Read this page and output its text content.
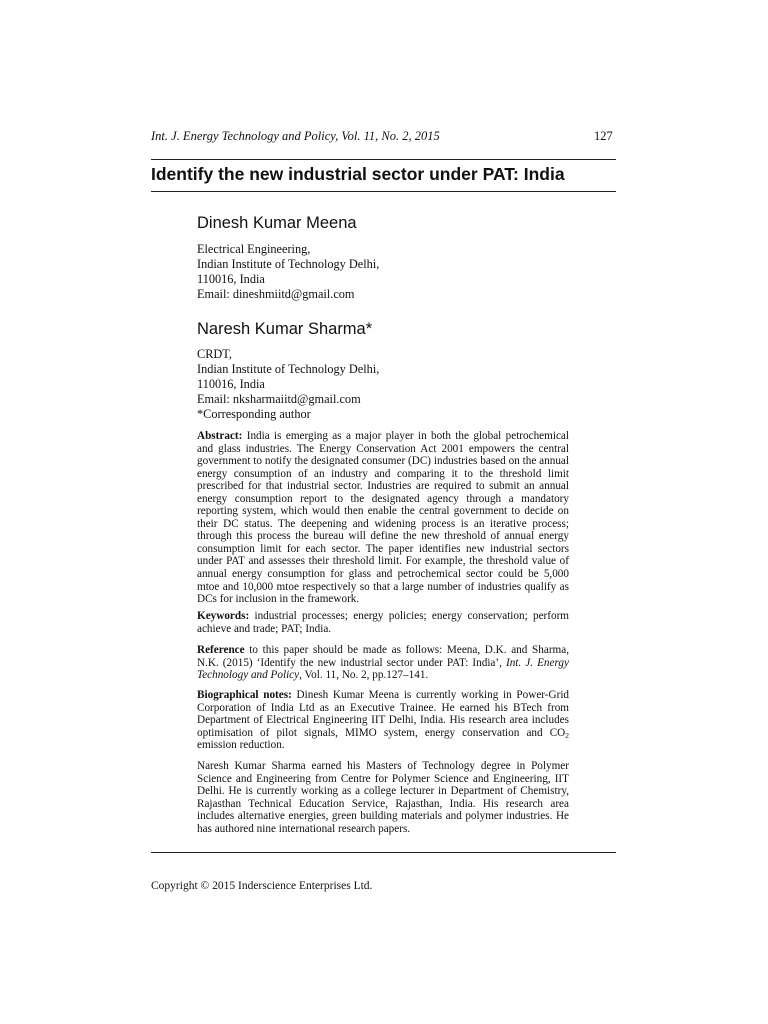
Int. J. Energy Technology and Policy, Vol. 11, No. 2, 2015	127
Identify the new industrial sector under PAT: India
Dinesh Kumar Meena
Electrical Engineering,
Indian Institute of Technology Delhi,
110016, India
Email: dineshmiitd@gmail.com
Naresh Kumar Sharma*
CRDT,
Indian Institute of Technology Delhi,
110016, India
Email: nksharmaiitd@gmail.com
*Corresponding author
Abstract: India is emerging as a major player in both the global petrochemical and glass industries. The Energy Conservation Act 2001 empowers the central government to notify the designated consumer (DC) industries based on the annual energy consumption of an industry and comparing it to the threshold limit prescribed for that industrial sector. Industries are required to submit an annual energy consumption report to the designated agency through a mandatory reporting system, which would then enable the central government to decide on their DC status. The deepening and widening process is an iterative process; through this process the bureau will define the new threshold of annual energy consumption limit for each sector. The paper identifies new industrial sectors under PAT and assesses their threshold limit. For example, the threshold value of annual energy consumption for glass and petrochemical sector could be 5,000 mtoe and 10,000 mtoe respectively so that a large number of industries qualify as DCs for inclusion in the framework.
Keywords: industrial processes; energy policies; energy conservation; perform achieve and trade; PAT; India.
Reference to this paper should be made as follows: Meena, D.K. and Sharma, N.K. (2015) ‘Identify the new industrial sector under PAT: India’, Int. J. Energy Technology and Policy, Vol. 11, No. 2, pp.127–141.
Biographical notes: Dinesh Kumar Meena is currently working in Power-Grid Corporation of India Ltd as an Executive Trainee. He earned his BTech from Department of Electrical Engineering IIT Delhi, India. His research area includes optimisation of pilot signals, MIMO system, energy conservation and $CO_2$ emission reduction.
Naresh Kumar Sharma earned his Masters of Technology degree in Polymer Science and Engineering from Centre for Polymer Science and Engineering, IIT Delhi. He is currently working as a college lecturer in Department of Chemistry, Rajasthan Technical Education Service, Rajasthan, India. His research area includes alternative energies, green building materials and polymer industries. He has authored nine international research papers.
Copyright © 2015 Inderscience Enterprises Ltd.
